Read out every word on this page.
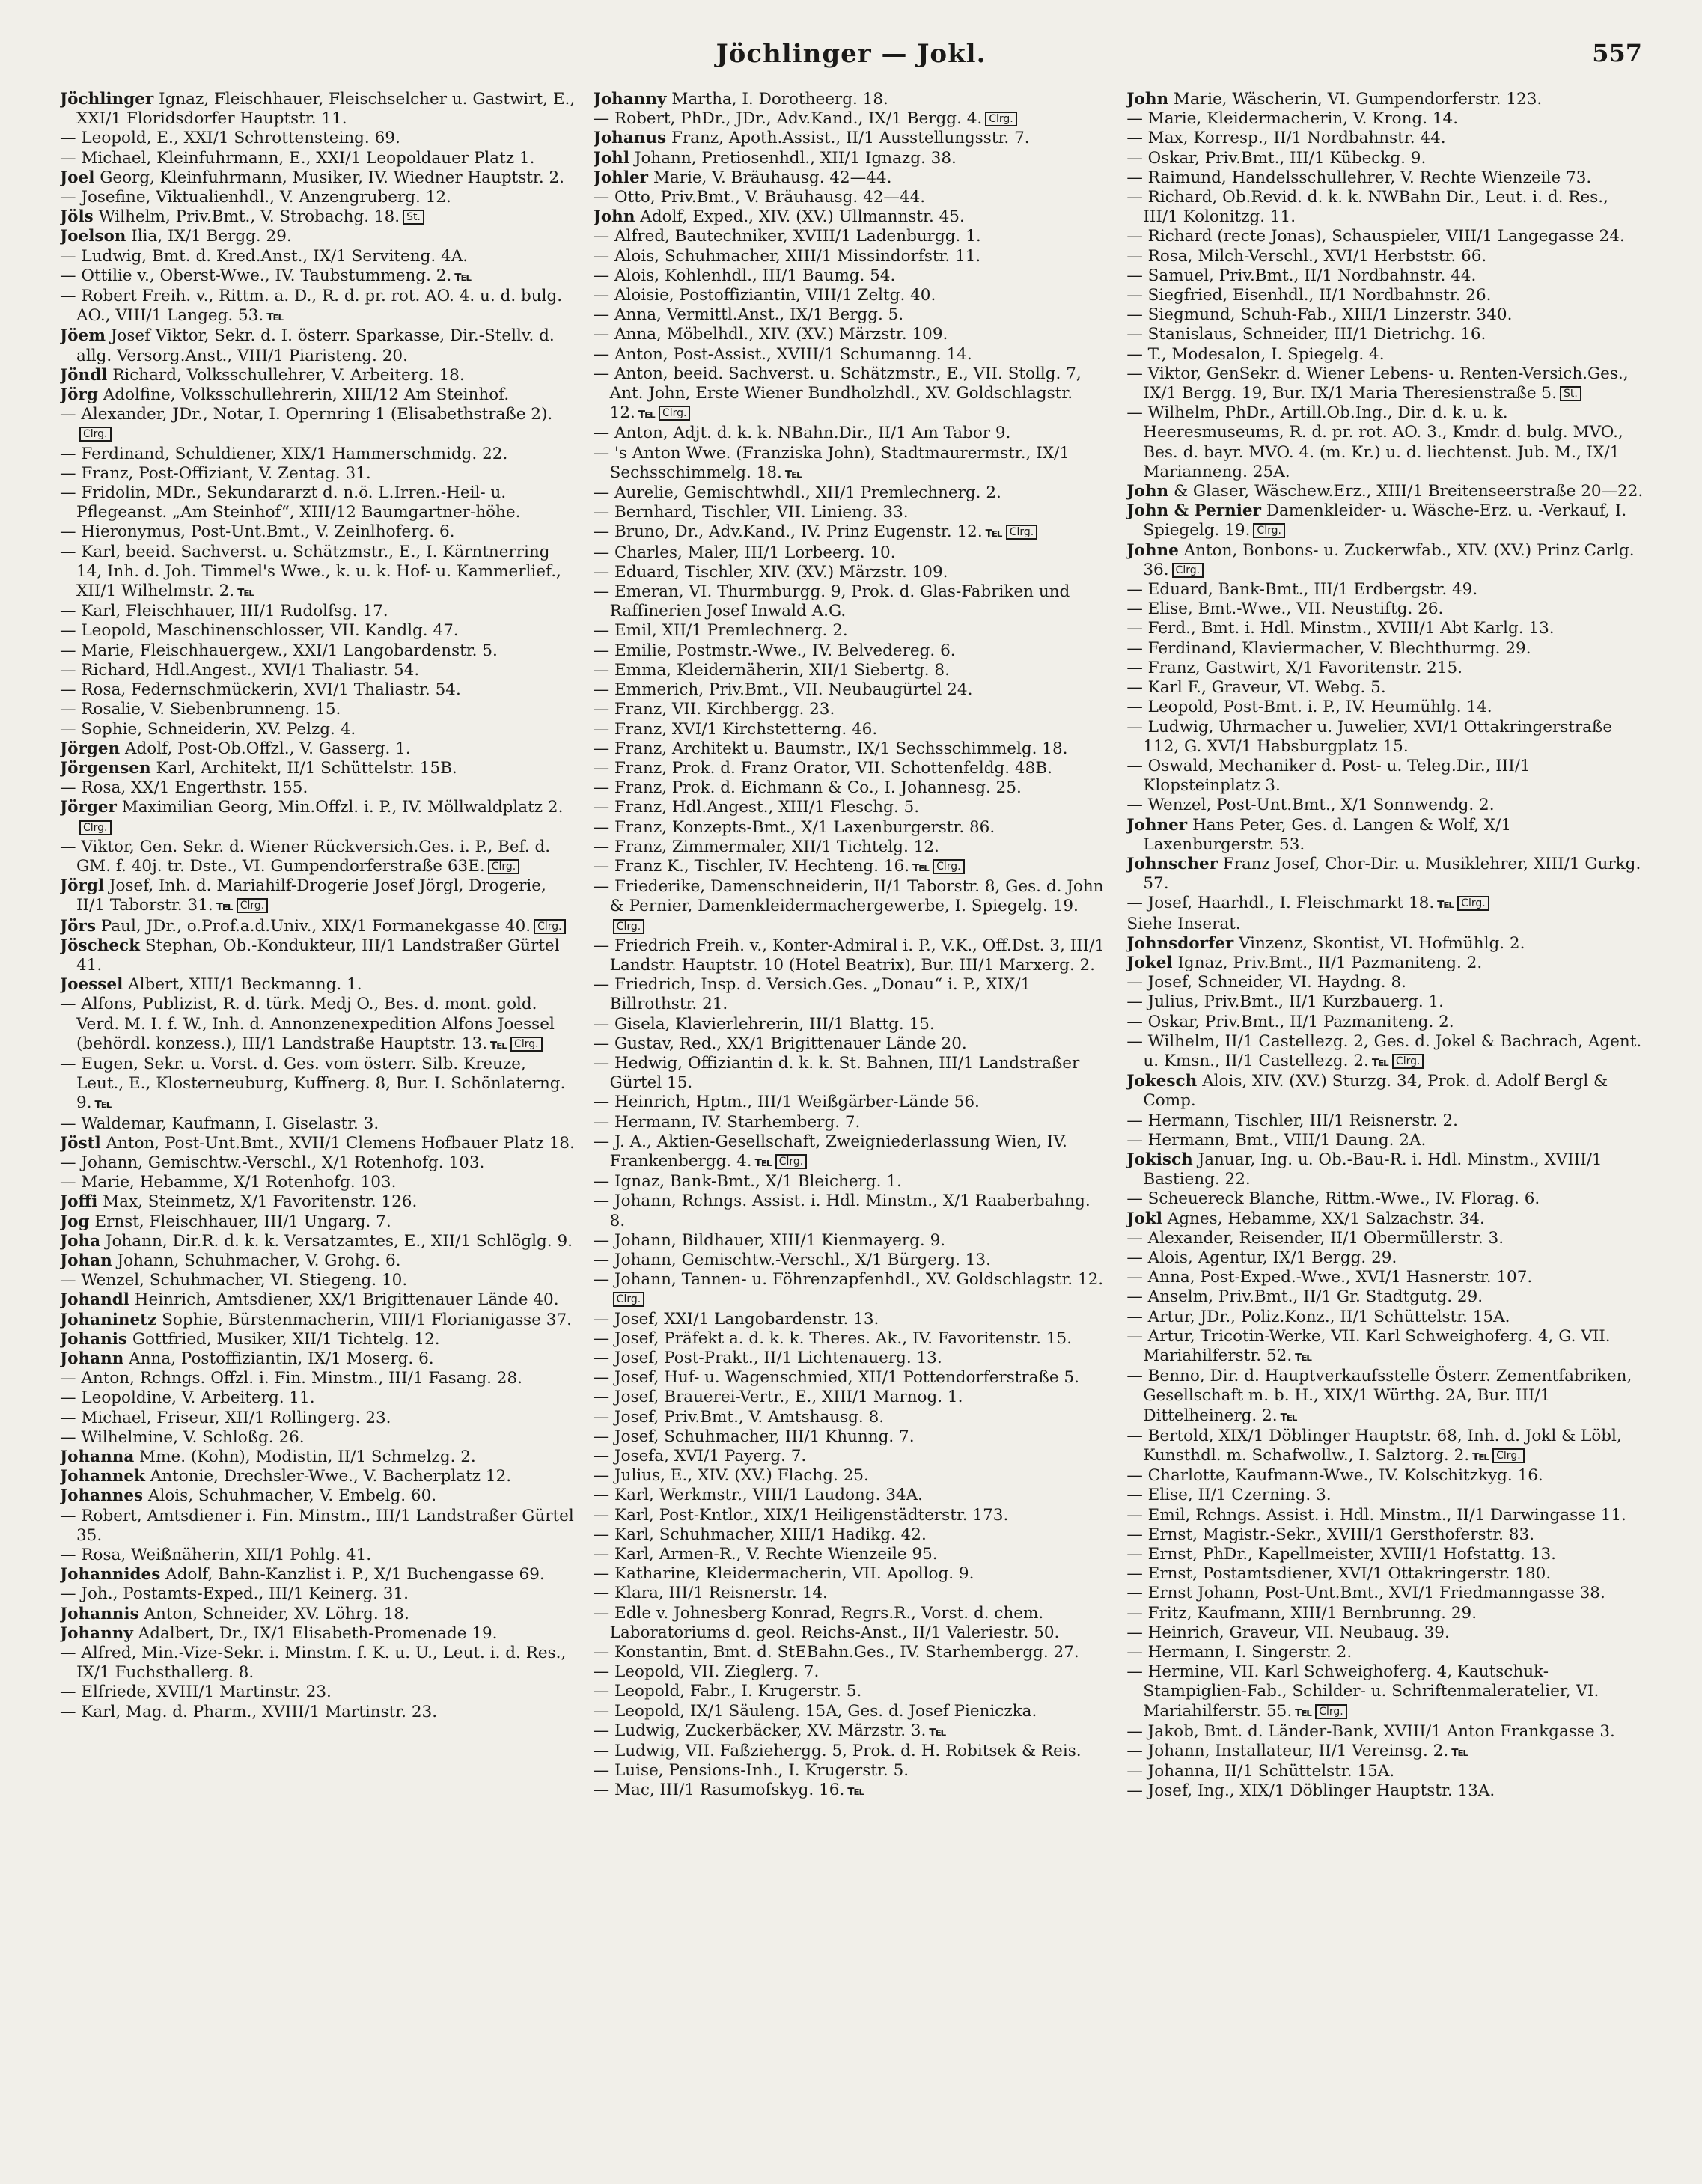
Jöchlinger — Jokl.	557

Jöchlinger Ignaz, Fleischhauer, Fleischselcher u. Gastwirt, E., XXI/1 Floridsdorfer Hauptstr. 11.

— Leopold, E., XXI/1 Schrottensteing. 69.

— Michael, Kleinfuhrmann, E., XXI/1 Leopoldauer Platz 1.

Joel Georg, Kleinfuhrmann, Musiker, IV. Wiedner Hauptstr. 2.

— Josefine, Viktualienhdl., V. Anzengruberg. 12.

Jöls Wilhelm, Priv.Bmt., V. Strobachg. 18. St.

Joelson Ilia, IX/1 Bergg. 29.

— Ludwig, Bmt. d. Kred.Anst., IX/1 Serviteng. 4A.

— Ottilie v., Oberst-Wwe., IV. Taubstummeng. 2. ℡

— Robert Freih. v., Rittm. a. D., R. d. pr. rot. AO. 4. u. d. bulg. AO., VIII/1 Langeg. 53. ℡

Jöem Josef Viktor, Sekr. d. I. österr. Sparkasse, Dir.-Stellv. d. allg. Versorg.Anst., VIII/1 Piaristeng. 20.

Jöndl Richard, Volksschullehrer, V. Arbeiterg. 18.

Jörg Adolfine, Volksschullehrerin, XIII/12 Am Steinhof.

— Alexander, JDr., Notar, I. Opernring 1 (Elisabethstraße 2).Clrg.

— Ferdinand, Schuldiener, XIX/1 Hammerschmidg. 22.

— Franz, Post-Offiziant, V. Zentag. 31.

— Fridolin, MDr., Sekundararzt d. n.ö. L.Irren.-Heil- u. Pflegeanst. „Am Steinhof“, XIII/12 Baumgartner-höhe.

— Hieronymus, Post-Unt.Bmt., V. Zeinlhoferg. 6.

— Karl, beeid. Sachverst. u. Schätzmstr., E., I. Kärntnerring 14, Inh. d. Joh. Timmel's Wwe., k. u. k. Hof- u. Kammerlief., XII/1 Wilhelmstr. 2. ℡

— Karl, Fleischhauer, III/1 Rudolfsg. 17.

— Leopold, Maschinenschlosser, VII. Kandlg. 47.

— Marie, Fleischhauergew., XXI/1 Langobardenstr. 5.

— Richard, Hdl.Angest., XVI/1 Thaliastr. 54.

— Rosa, Federnschmückerin, XVI/1 Thaliastr. 54.

— Rosalie, V. Siebenbrunneng. 15.

— Sophie, Schneiderin, XV. Pelzg. 4.

Jörgen Adolf, Post-Ob.Offzl., V. Gasserg. 1.

Jörgensen Karl, Architekt, II/1 Schüttelstr. 15B.

— Rosa, XX/1 Engerthstr. 155.

Jörger Maximilian Georg, Min.Offzl. i. P., IV. Möllwaldplatz 2.Clrg.

— Viktor, Gen. Sekr. d. Wiener Rückversich.Ges. i. P., Bef. d. GM. f. 40j. tr. Dste., VI. Gumpendorferstraße 63E. Clrg.

Jörgl Josef, Inh. d. Mariahilf-Drogerie Josef Jörgl, Drogerie, II/1 Taborstr. 31. ℡ Clrg.

Jörs Paul, JDr., o.Prof.a.d.Univ., XIX/1 Formanekgasse 40. Clrg.

Jöscheck Stephan, Ob.-Kondukteur, III/1 Landstraßer Gürtel 41.

Joessel Albert, XIII/1 Beckmanng. 1.

— Alfons, Publizist, R. d. türk. Medj O., Bes. d. mont. gold. Verd. M. I. f. W., Inh. d. Annonzenexpedition Alfons Joessel (behördl. konzess.), III/1 Landstraße Hauptstr. 13. ℡ Clrg.

— Eugen, Sekr. u. Vorst. d. Ges. vom österr. Silb. Kreuze, Leut., E., Klosterneuburg, Kuffnerg. 8, Bur. I. Schönlaterng. 9. ℡

— Waldemar, Kaufmann, I. Giselastr. 3.

Jöstl Anton, Post-Unt.Bmt., XVII/1 Clemens Hofbauer Platz 18.

— Johann, Gemischtw.-Verschl., X/1 Rotenhofg. 103.

— Marie, Hebamme, X/1 Rotenhofg. 103.

Joffi Max, Steinmetz, X/1 Favoritenstr. 126.

Jog Ernst, Fleischhauer, III/1 Ungarg. 7.

Joha Johann, Dir.R. d. k. k. Versatzamtes, E., XII/1 Schlöglg. 9.

Johan Johann, Schuhmacher, V. Grohg. 6.

— Wenzel, Schuhmacher, VI. Stiegeng. 10.

Johandl Heinrich, Amtsdiener, XX/1 Brigittenauer Lände 40.

Johaninetz Sophie, Bürstenmacherin, VIII/1 Florianigasse 37.

Johanis Gottfried, Musiker, XII/1 Tichtelg. 12.

Johann Anna, Postoffiziantin, IX/1 Moserg. 6.

— Anton, Rchngs. Offzl. i. Fin. Minstm., III/1 Fasang. 28.

— Leopoldine, V. Arbeiterg. 11.

— Michael, Friseur, XII/1 Rollingerg. 23.

— Wilhelmine, V. Schloßg. 26.

Johanna Mme. (Kohn), Modistin, II/1 Schmelzg. 2.

Johannek Antonie, Drechsler-Wwe., V. Bacherplatz 12.

Johannes Alois, Schuhmacher, V. Embelg. 60.

— Robert, Amtsdiener i. Fin. Minstm., III/1 Landstraßer Gürtel 35.

— Rosa, Weißnäherin, XII/1 Pohlg. 41.

Johannides Adolf, Bahn-Kanzlist i. P., X/1 Buchengasse 69.

— Joh., Postamts-Exped., III/1 Keinerg. 31.

Johannis Anton, Schneider, XV. Löhrg. 18.

Johanny Adalbert, Dr., IX/1 Elisabeth-Promenade 19.

— Alfred, Min.-Vize-Sekr. i. Minstm. f. K. u. U., Leut. i. d. Res., IX/1 Fuchsthallerg. 8.

— Elfriede, XVIII/1 Martinstr. 23.

— Karl, Mag. d. Pharm., XVIII/1 Martinstr. 23.

Johanny Martha, I. Dorotheerg. 18.

— Robert, PhDr., JDr., Adv.Kand., IX/1 Bergg. 4. Clrg.

Johanus Franz, Apoth.Assist., II/1 Ausstellungsstr. 7.

Johl Johann, Pretiosenhdl., XII/1 Ignazg. 38.

Johler Marie, V. Bräuhausg. 42—44.

— Otto, Priv.Bmt., V. Bräuhausg. 42—44.

John Adolf, Exped., XIV. (XV.) Ullmannstr. 45.

— Alfred, Bautechniker, XVIII/1 Ladenburgg. 1.

— Alois, Schuhmacher, XIII/1 Missindorfstr. 11.

— Alois, Kohlenhdl., III/1 Baumg. 54.

— Aloisie, Postoffiziantin, VIII/1 Zeltg. 40.

— Anna, Vermittl.Anst., IX/1 Bergg. 5.

— Anna, Möbelhdl., XIV. (XV.) Märzstr. 109.

— Anton, Post-Assist., XVIII/1 Schumanng. 14.

— Anton, beeid. Sachverst. u. Schätzmstr., E., VII. Stollg. 7, Ant. John, Erste Wiener Bundholzhdl., XV. Goldschlagstr. 12. ℡ Clrg.

— Anton, Adjt. d. k. k. NBahn.Dir., II/1 Am Tabor 9.

— 's Anton Wwe. (Franziska John), Stadtmaurermstr., IX/1 Sechsschimmelg. 18. ℡

— Aurelie, Gemischtwhdl., XII/1 Premlechnerg. 2.

— Bernhard, Tischler, VII. Linieng. 33.

— Bruno, Dr., Adv.Kand., IV. Prinz Eugenstr. 12. ℡ Clrg.

— Charles, Maler, III/1 Lorbeerg. 10.

— Eduard, Tischler, XIV. (XV.) Märzstr. 109.

— Emeran, VI. Thurmburgg. 9, Prok. d. Glas-Fabriken und Raffinerien Josef Inwald A.G.

— Emil, XII/1 Premlechnerg. 2.

— Emilie, Postmstr.-Wwe., IV. Belvedereg. 6.

— Emma, Kleidernäherin, XII/1 Siebertg. 8.

— Emmerich, Priv.Bmt., VII. Neubaugürtel 24.

— Franz, VII. Kirchbergg. 23.

— Franz, XVI/1 Kirchstetterng. 46.

— Franz, Architekt u. Baumstr., IX/1 Sechsschimmelg. 18.

— Franz, Prok. d. Franz Orator, VII. Schottenfeldg. 48B.

— Franz, Prok. d. Eichmann & Co., I. Johannesg. 25.

— Franz, Hdl.Angest., XIII/1 Fleschg. 5.

— Franz, Konzepts-Bmt., X/1 Laxenburgerstr. 86.

— Franz, Zimmermaler, XII/1 Tichtelg. 12.

— Franz K., Tischler, IV. Hechteng. 16. ℡ Clrg.

— Friederike, Damenschneiderin, II/1 Taborstr. 8, Ges. d. John & Pernier, Damenkleidermachergewerbe, I. Spiegelg. 19.Clrg.

— Friedrich Freih. v., Konter-Admiral i. P., V.K., Off.Dst. 3, III/1 Landstr. Hauptstr. 10 (Hotel Beatrix), Bur. III/1 Marxerg. 2.

— Friedrich, Insp. d. Versich.Ges. „Donau“ i. P., XIX/1 Billrothstr. 21.

— Gisela, Klavierlehrerin, III/1 Blattg. 15.

— Gustav, Red., XX/1 Brigittenauer Lände 20.

— Hedwig, Offiziantin d. k. k. St. Bahnen, III/1 Landstraßer Gürtel 15.

— Heinrich, Hptm., III/1 Weißgärber-Lände 56.

— Hermann, IV. Starhemberg. 7.

— J. A., Aktien-Gesellschaft, Zweigniederlassung Wien, IV. Frankenbergg. 4. ℡ Clrg.

— Ignaz, Bank-Bmt., X/1 Bleicherg. 1.

— Johann, Rchngs. Assist. i. Hdl. Minstm., X/1 Raaberbahng. 8.

— Johann, Bildhauer, XIII/1 Kienmayerg. 9.

— Johann, Gemischtw.-Verschl., X/1 Bürgerg. 13.

— Johann, Tannen- u. Föhrenzapfenhdl., XV. Goldschlagstr. 12.Clrg.

— Josef, XXI/1 Langobardenstr. 13.

— Josef, Präfekt a. d. k. k. Theres. Ak., IV. Favoritenstr. 15.

— Josef, Post-Prakt., II/1 Lichtenauerg. 13.

— Josef, Huf- u. Wagenschmied, XII/1 Pottendorferstraße 5.

— Josef, Brauerei-Vertr., E., XIII/1 Marnog. 1.

— Josef, Priv.Bmt., V. Amtshausg. 8.

— Josef, Schuhmacher, III/1 Khunng. 7.

— Josefa, XVI/1 Payerg. 7.

— Julius, E., XIV. (XV.) Flachg. 25.

— Karl, Werkmstr., VIII/1 Laudong. 34A.

— Karl, Post-Kntlor., XIX/1 Heiligenstädterstr. 173.

— Karl, Schuhmacher, XIII/1 Hadikg. 42.

— Karl, Armen-R., V. Rechte Wienzeile 95.

— Katharine, Kleidermacherin, VII. Apollog. 9.

— Klara, III/1 Reisnerstr. 14.

— Edle v. Johnesberg Konrad, Regrs.R., Vorst. d. chem. Laboratoriums d. geol. Reichs-Anst., II/1 Valeriestr. 50.

— Konstantin, Bmt. d. StEBahn.Ges., IV. Starhembergg. 27.

— Leopold, VII. Zieglerg. 7.

— Leopold, Fabr., I. Krugerstr. 5.

— Leopold, IX/1 Säuleng. 15A, Ges. d. Josef Pieniczka.

— Ludwig, Zuckerbäcker, XV. Märzstr. 3. ℡

— Ludwig, VII. Faßziehergg. 5, Prok. d. H. Robitsek & Reis.

— Luise, Pensions-Inh., I. Krugerstr. 5.

— Mac, III/1 Rasumofskyg. 16. ℡

John Marie, Wäscherin, VI. Gumpendorferstr. 123.

— Marie, Kleidermacherin, V. Krong. 14.

— Max, Korresp., II/1 Nordbahnstr. 44.

— Oskar, Priv.Bmt., III/1 Kübeckg. 9.

— Raimund, Handelsschullehrer, V. Rechte Wienzeile 73.

— Richard, Ob.Revid. d. k. k. NWBahn Dir., Leut. i. d. Res., III/1 Kolonitzg. 11.

— Richard (recte Jonas), Schauspieler, VIII/1 Langegasse 24.

— Rosa, Milch-Verschl., XVI/1 Herbststr. 66.

— Samuel, Priv.Bmt., II/1 Nordbahnstr. 44.

— Siegfried, Eisenhdl., II/1 Nordbahnstr. 26.

— Siegmund, Schuh-Fab., XIII/1 Linzerstr. 340.

— Stanislaus, Schneider, III/1 Dietrichg. 16.

— T., Modesalon, I. Spiegelg. 4.

— Viktor, GenSekr. d. Wiener Lebens- u. Renten-Versich.Ges., IX/1 Bergg. 19, Bur. IX/1 Maria Theresienstraße 5. St.

— Wilhelm, PhDr., Artill.Ob.Ing., Dir. d. k. u. k. Heeresmuseums, R. d. pr. rot. AO. 3., Kmdr. d. bulg. MVO., Bes. d. bayr. MVO. 4. (m. Kr.) u. d. liechtenst. Jub. M., IX/1 Marianneng. 25A.

John & Glaser, Wäschew.Erz., XIII/1 Breitenseerstraße 20—22.

John & Pernier Damenkleider- u. Wäsche-Erz. u. -Verkauf, I. Spiegelg. 19. Clrg.

Johne Anton, Bonbons- u. Zuckerwfab., XIV. (XV.) Prinz Carlg. 36. Clrg.

— Eduard, Bank-Bmt., III/1 Erdbergstr. 49.

— Elise, Bmt.-Wwe., VII. Neustiftg. 26.

— Ferd., Bmt. i. Hdl. Minstm., XVIII/1 Abt Karlg. 13.

— Ferdinand, Klaviermacher, V. Blechthurmg. 29.

— Franz, Gastwirt, X/1 Favoritenstr. 215.

— Karl F., Graveur, VI. Webg. 5.

— Leopold, Post-Bmt. i. P., IV. Heumühlg. 14.

— Ludwig, Uhrmacher u. Juwelier, XVI/1 Ottakringerstraße 112, G. XVI/1 Habsburgplatz 15.

— Oswald, Mechaniker d. Post- u. Teleg.Dir., III/1 Klopsteinplatz 3.

— Wenzel, Post-Unt.Bmt., X/1 Sonnwendg. 2.

Johner Hans Peter, Ges. d. Langen & Wolf, X/1 Laxenburgerstr. 53.

Johnscher Franz Josef, Chor-Dir. u. Musiklehrer, XIII/1 Gurkg. 57.

— Josef, Haarhdl., I. Fleischmarkt 18. ℡ Clrg.

Siehe Inserat.

Johnsdorfer Vinzenz, Skontist, VI. Hofmühlg. 2.

Jokel Ignaz, Priv.Bmt., II/1 Pazmaniteng. 2.

— Josef, Schneider, VI. Haydng. 8.

— Julius, Priv.Bmt., II/1 Kurzbauerg. 1.

— Oskar, Priv.Bmt., II/1 Pazmaniteng. 2.

— Wilhelm, II/1 Castellezg. 2, Ges. d. Jokel & Bachrach, Agent. u. Kmsn., II/1 Castellezg. 2. ℡ Clrg.

Jokesch Alois, XIV. (XV.) Sturzg. 34, Prok. d. Adolf Bergl & Comp.

— Hermann, Tischler, III/1 Reisnerstr. 2.

— Hermann, Bmt., VIII/1 Daung. 2A.

Jokisch Januar, Ing. u. Ob.-Bau-R. i. Hdl. Minstm., XVIII/1 Bastieng. 22.

— Scheuereck Blanche, Rittm.-Wwe., IV. Florag. 6.

Jokl Agnes, Hebamme, XX/1 Salzachstr. 34.

— Alexander, Reisender, II/1 Obermüllerstr. 3.

— Alois, Agentur, IX/1 Bergg. 29.

— Anna, Post-Exped.-Wwe., XVI/1 Hasnerstr. 107.

— Anselm, Priv.Bmt., II/1 Gr. Stadtgutg. 29.

— Artur, JDr., Poliz.Konz., II/1 Schüttelstr. 15A.

— Artur, Tricotin-Werke, VII. Karl Schweighoferg. 4, G. VII. Mariahilferstr. 52. ℡

— Benno, Dir. d. Hauptverkaufsstelle Österr. Zementfabriken, Gesellschaft m. b. H., XIX/1 Würthg. 2A, Bur. III/1 Dittelheinerg. 2. ℡

— Bertold, XIX/1 Döblinger Hauptstr. 68, Inh. d. Jokl & Löbl, Kunsthdl. m. Schafwollw., I. Salztorg. 2. ℡ Clrg.

— Charlotte, Kaufmann-Wwe., IV. Kolschitzkyg. 16.

— Elise, II/1 Czerning. 3.

— Emil, Rchngs. Assist. i. Hdl. Minstm., II/1 Darwingasse 11.

— Ernst, Magistr.-Sekr., XVIII/1 Gersthoferstr. 83.

— Ernst, PhDr., Kapellmeister, XVIII/1 Hofstattg. 13.

— Ernst, Postamtsdiener, XVI/1 Ottakringerstr. 180.

— Ernst Johann, Post-Unt.Bmt., XVI/1 Friedmanngasse 38.

— Fritz, Kaufmann, XIII/1 Bernbrunng. 29.

— Heinrich, Graveur, VII. Neubaug. 39.

— Hermann, I. Singerstr. 2.

— Hermine, VII. Karl Schweighoferg. 4, Kautschuk-Stampiglien-Fab., Schilder- u. Schriftenmaleratelier, VI. Mariahilferstr. 55. ℡ Clrg.

— Jakob, Bmt. d. Länder-Bank, XVIII/1 Anton Frankgasse 3.

— Johann, Installateur, II/1 Vereinsg. 2. ℡

— Johanna, II/1 Schüttelstr. 15A.

— Josef, Ing., XIX/1 Döblinger Hauptstr. 13A.
